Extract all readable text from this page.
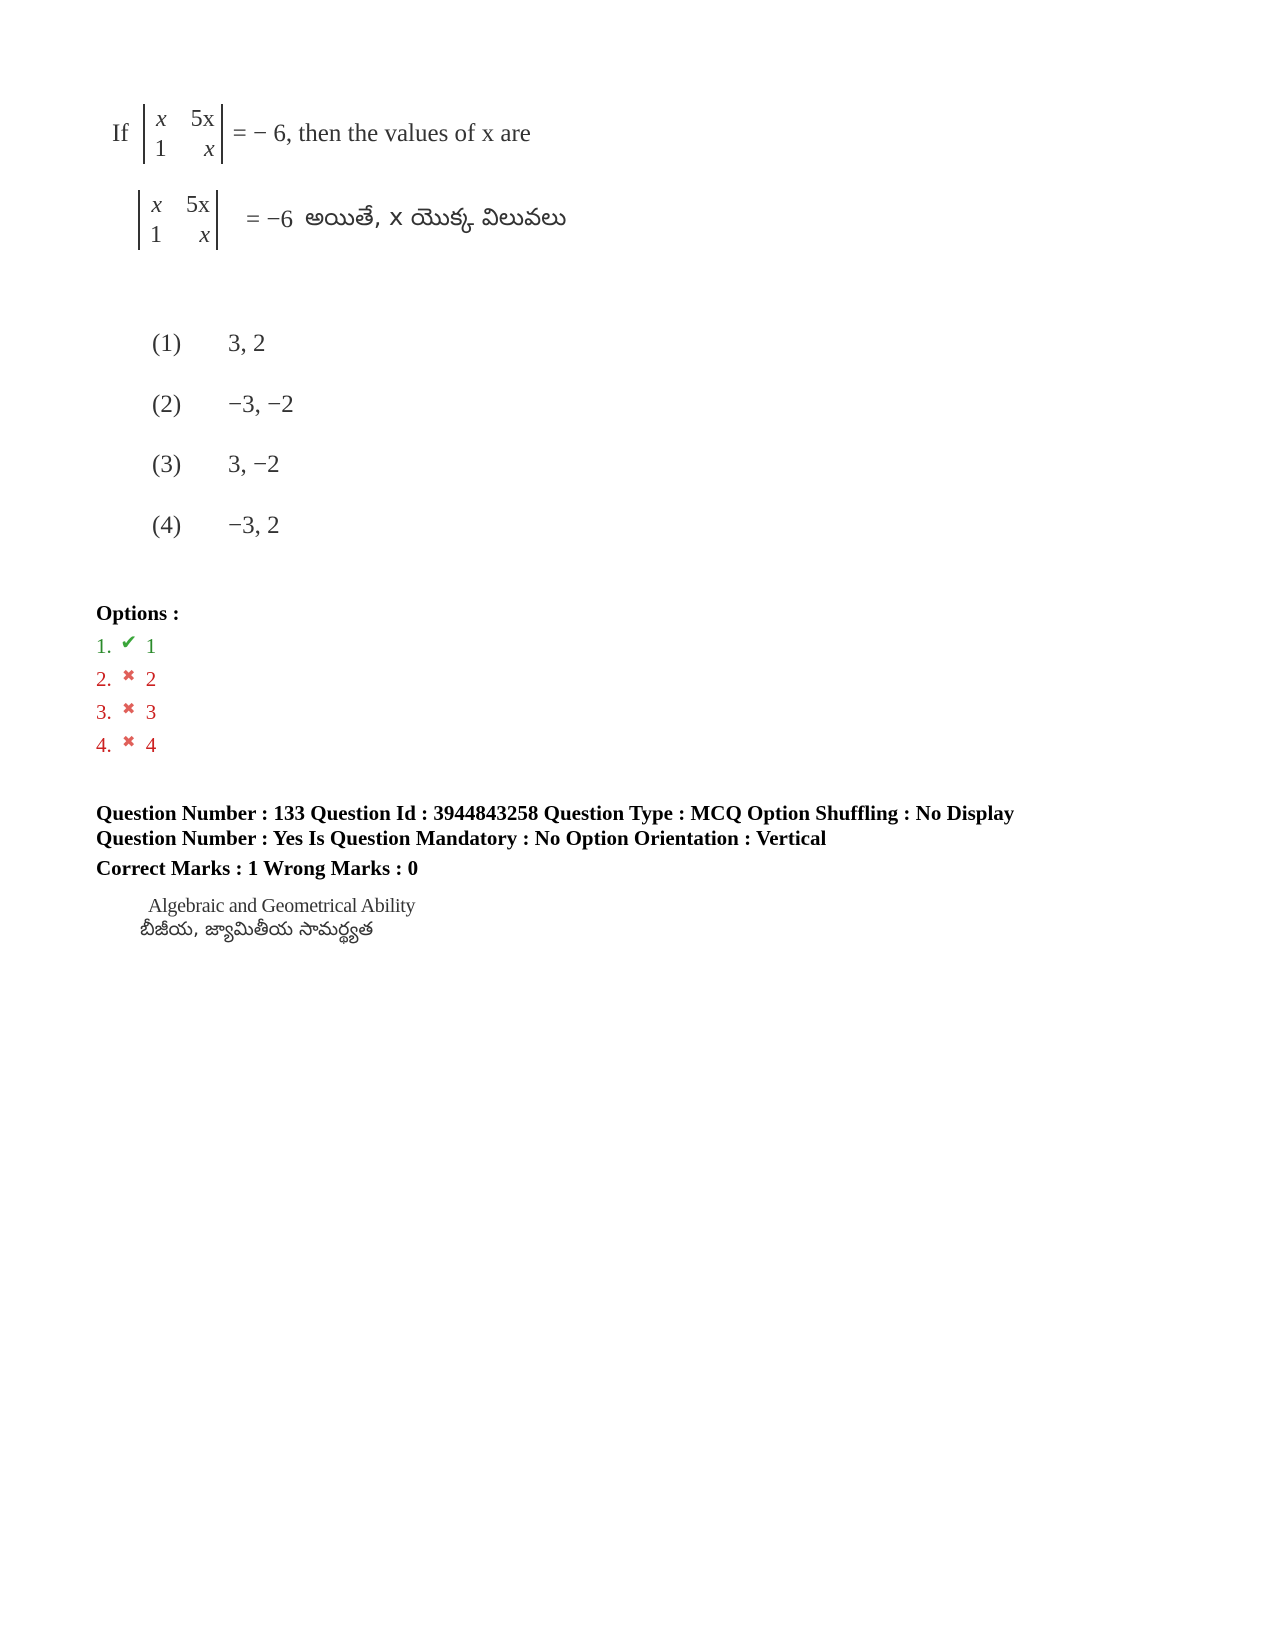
If
x 5x
1 x
= − 6, then the values of x are
x 5x
1 x
= −6 అయితే, x యొక్క విలువలు
(1)	3, 2
(2)	−3, −2
(3)	3, −2
(4)	−3, 2
Options :
1. ✔ 1
2. ✖ 2
3. ✖ 3
4. ✖ 4
Question Number : 133 Question Id : 3944843258 Question Type : MCQ Option Shuffling : No Display
Question Number : Yes Is Question Mandatory : No Option Orientation : Vertical
Correct Marks : 1 Wrong Marks : 0
Algebraic and Geometrical Ability
బీజీయ, జ్యామితీయ సామర్థ్యత
